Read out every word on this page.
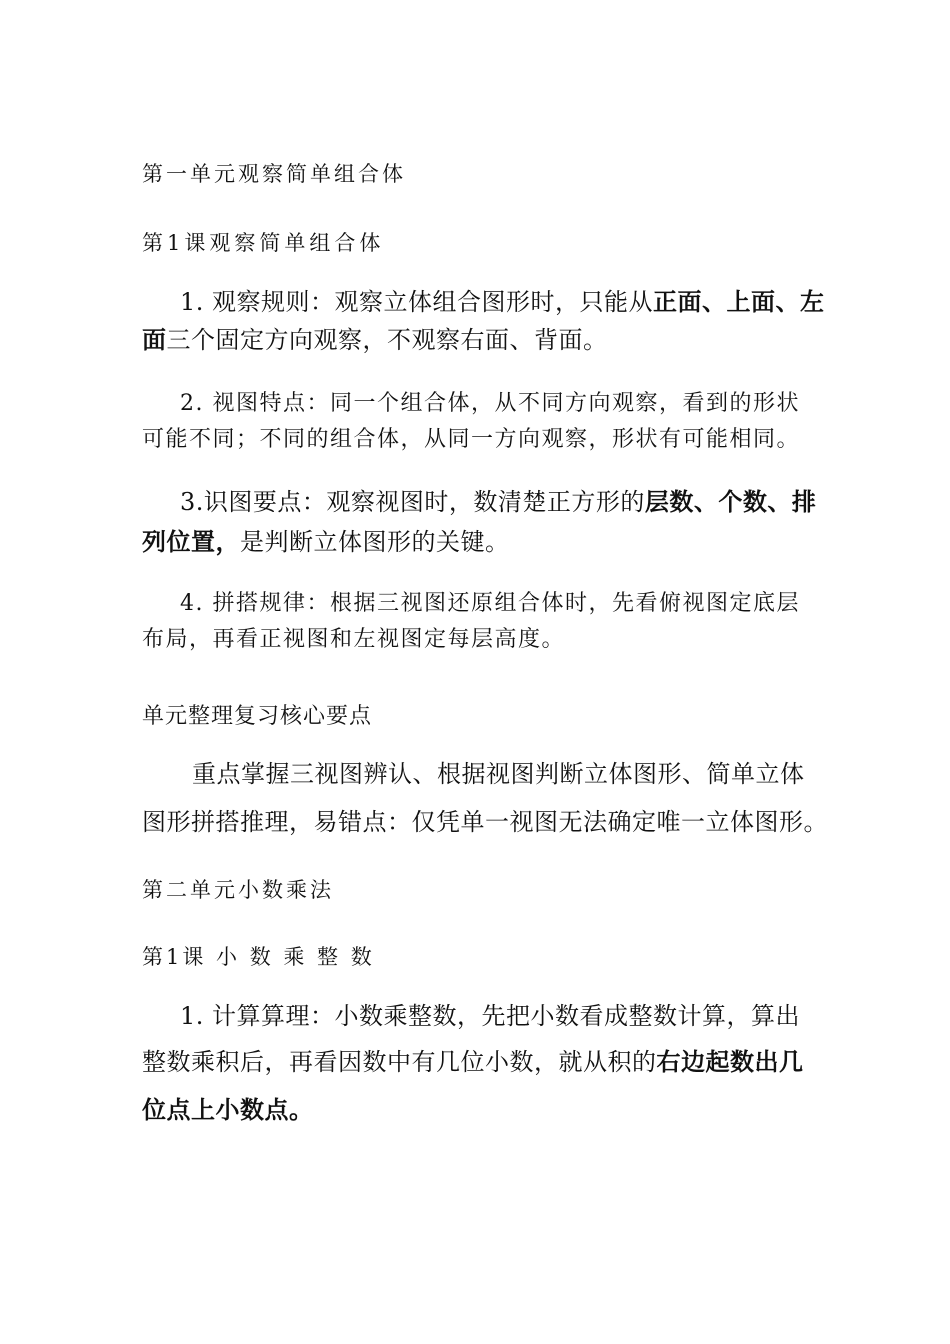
第一单元观察简单组合体
第1课观察简单组合体
1. 观察规则：观察立体组合图形时，只能从正面、上面、左
面三个固定方向观察，不观察右面、背面。
2. 视图特点：同一个组合体，从不同方向观察，看到的形状
可能不同；不同的组合体，从同一方向观察，形状有可能相同。
3.识图要点：观察视图时，数清楚正方形的层数、个数、排
列位置，是判断立体图形的关键。
4. 拼搭规律：根据三视图还原组合体时，先看俯视图定底层
布局，再看正视图和左视图定每层高度。
单元整理复习核心要点
重点掌握三视图辨认、根据视图判断立体图形、简单立体
图形拼搭推理，易错点：仅凭单一视图无法确定唯一立体图形。
第二单元小数乘法
第1课 小 数 乘 整 数
1. 计算算理：小数乘整数，先把小数看成整数计算，算出
整数乘积后，再看因数中有几位小数，就从积的右边起数出几
位点上小数点。
